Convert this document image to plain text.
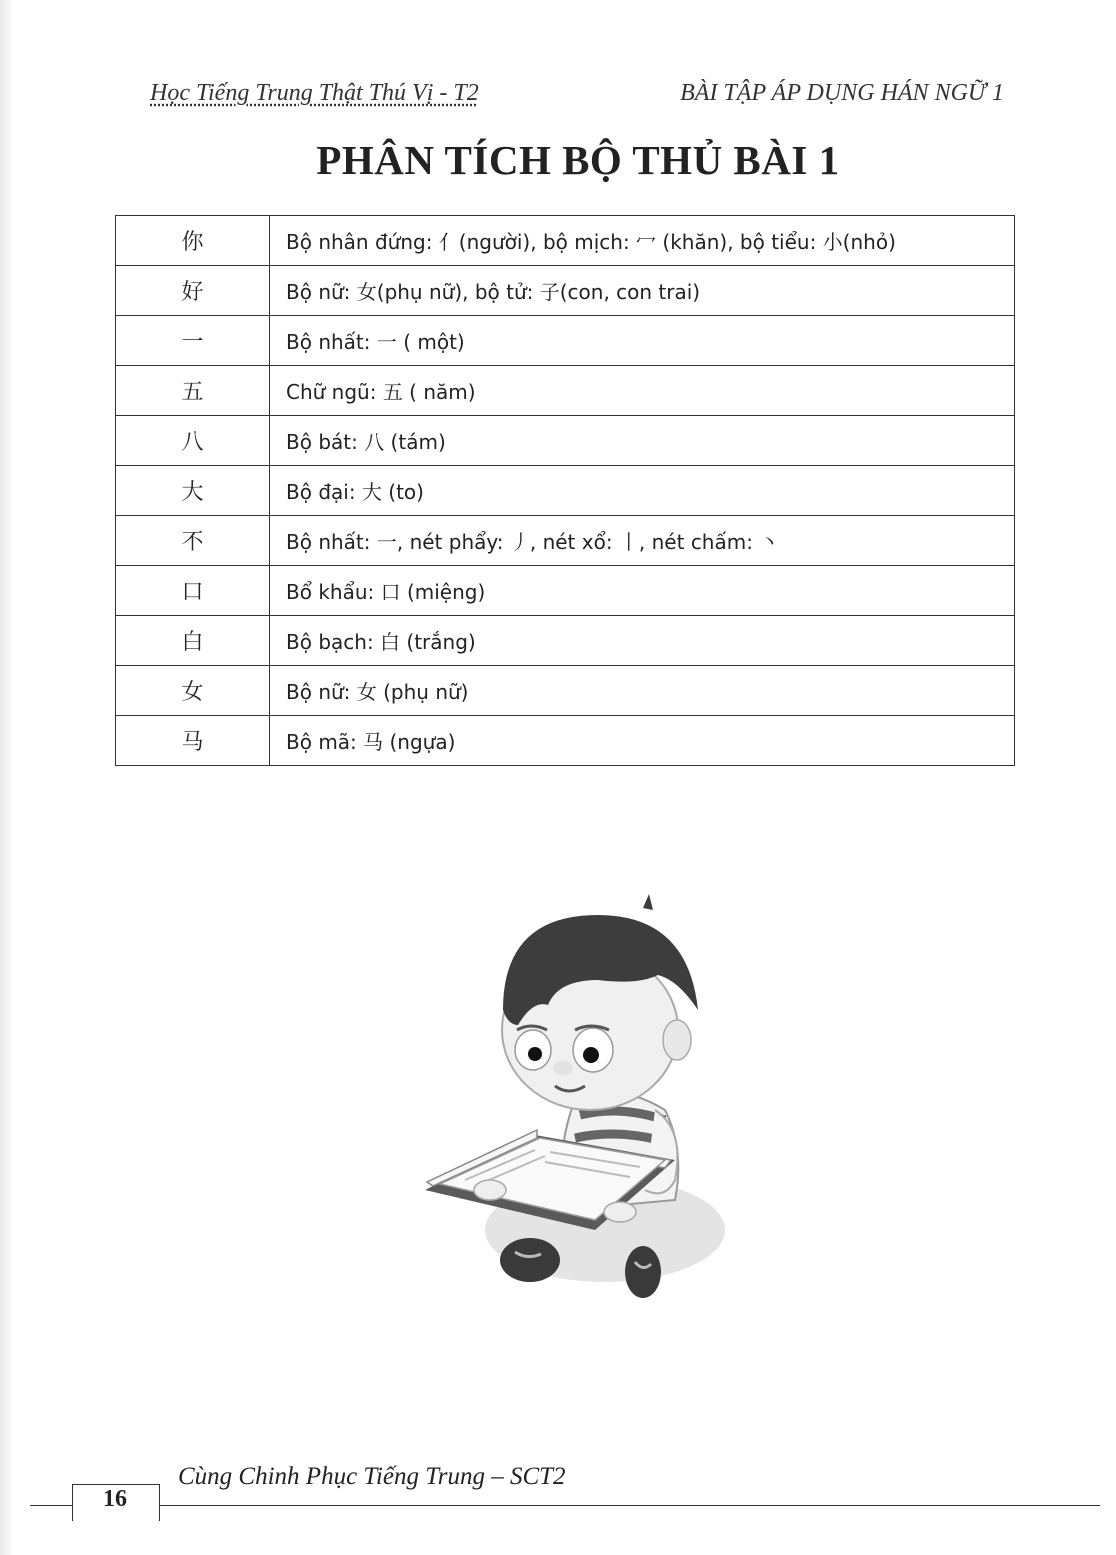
Học Tiếng Trung Thật Thú Vị - T2	BÀI TẬP ÁP DỤNG HÁN NGỮ 1
PHÂN TÍCH BỘ THỦ BÀI 1
你	Bộ nhân đứng: 亻(người), bộ mịch: 冖 (khăn), bộ tiểu: 小(nhỏ)
好	Bộ nữ: 女(phụ nữ), bộ tử: 子(con, con trai)
一	Bộ nhất: 一 ( một)
五	Chữ ngũ: 五 ( năm)
八	Bộ bát: 八 (tám)
大	Bộ đại: 大 (to)
不	Bộ nhất: 一, nét phẩy: 丿, nét xổ: 丨, nét chấm: 丶
口	Bổ khẩu: 口 (miệng)
白	Bộ bạch: 白 (trắng)
女	Bộ nữ: 女 (phụ nữ)
马	Bộ mã: 马 (ngựa)
Cùng Chinh Phục Tiếng Trung – SCT2
16
